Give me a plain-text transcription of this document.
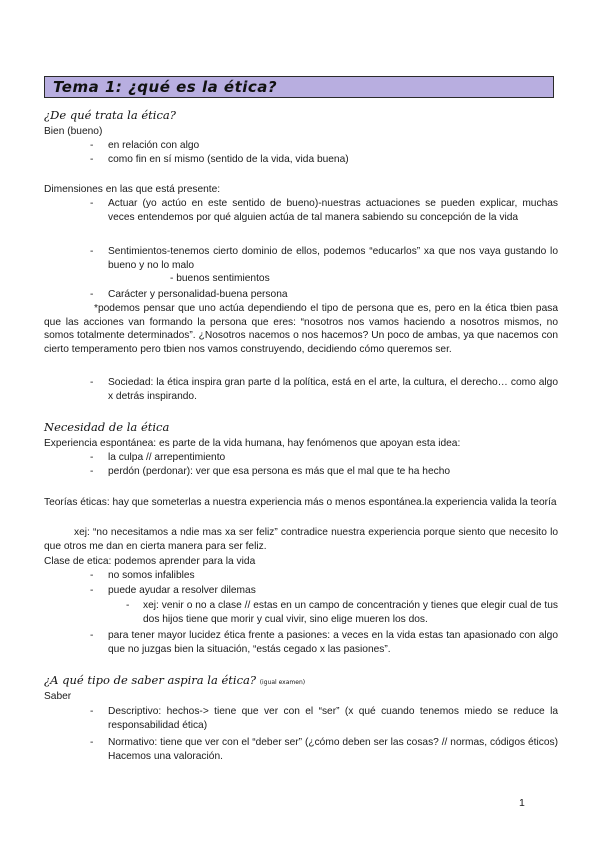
Tema 1: ¿qué es la ética?
¿De qué trata la ética?
Bien (bueno)
- en relación con algo
- como fin en sí mismo (sentido de la vida, vida buena)
Dimensiones en las que está presente:
- Actuar (yo actúo en este sentido de bueno)-nuestras actuaciones se pueden explicar, muchas veces entendemos por qué alguien actúa de tal manera sabiendo su concepción de la vida
- Sentimientos-tenemos cierto dominio de ellos, podemos “educarlos” xa que nos vaya gustando lo bueno y no lo malo
- buenos sentimientos
- Carácter y personalidad-buena persona
*podemos pensar que uno actúa dependiendo el tipo de persona que es, pero en la ética tbien pasa que las acciones van formando la persona que eres: “nosotros nos vamos haciendo a nosotros mismos, no somos totalmente determinados”. ¿Nosotros nacemos o nos hacemos? Un poco de ambas, ya que nacemos con cierto temperamento pero tbien nos vamos construyendo, decidiendo cómo queremos ser.
- Sociedad: la ética inspira gran parte d la política, está en el arte, la cultura, el derecho… como algo x detrás inspirando.
Necesidad de la ética
Experiencia espontánea: es parte de la vida humana, hay fenómenos que apoyan esta idea:
- la culpa // arrepentimiento
- perdón (perdonar): ver que esa persona es más que el mal que te ha hecho
Teorías éticas: hay que someterlas a nuestra experiencia más o menos espontánea.la experiencia valida la teoría
xej: “no necesitamos a ndie mas xa ser feliz” contradice nuestra experiencia porque siento que necesito lo que otros me dan en cierta manera para ser feliz.
Clase de etica: podemos aprender para la vida
- no somos infalibles
- puede ayudar a resolver dilemas
- xej: venir o no a clase // estas en un campo de concentración y tienes que elegir cual de tus dos hijos tiene que morir y cual vivir, sino elige mueren los dos.
- para tener mayor lucidez ética frente a pasiones: a veces en la vida estas tan apasionado con algo que no juzgas bien la situación, “estás cegado x las pasiones”.
¿A qué tipo de saber aspira la ética? (igual examen)
Saber
- Descriptivo: hechos-> tiene que ver con el “ser” (x qué cuando tenemos miedo se reduce la responsabilidad ética)
- Normativo: tiene que ver con el “deber ser” (¿cómo deben ser las cosas? // normas, códigos éticos) Hacemos una valoración.
1
